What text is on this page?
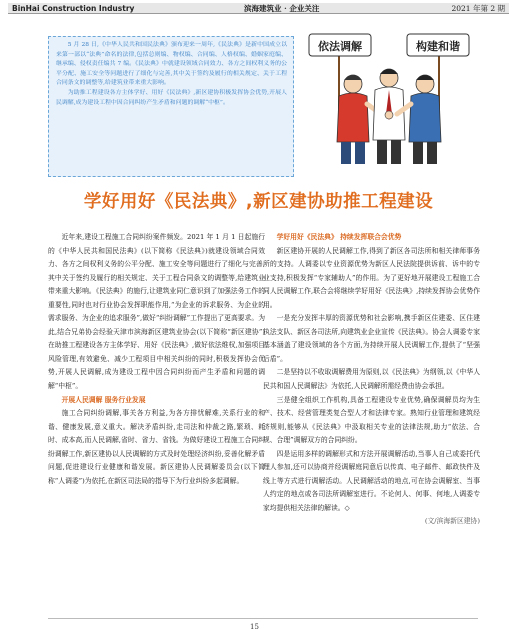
BinHai Construction Industry	滨海建筑业 · 企业关注	2021 年第 2 期

5 月 28 日,《中华人民共和国民法典》颁布迎来一周年,《民法典》是新中国成立以来第一部以“法典”命名的法律,包括总则编、物权编、合同编、人格权编、婚姻家庭编、继承编、侵权责任编共 7 编。《民法典》中就建设领域合同效力、各方之间权利义务的公平分配、施工安全等问题进行了细化与完善,其中关于签约及履行的相关规定、关于工程合同条文的调整等,给建筑业带来重大影响。

为助推工程建设各方主体学好、用好《民法典》,新区建协积极发挥协会优势,开展人民调解,成为建设工程中因合同纠纷产生矛盾和问题的调解“中枢”。

依法调解	构建和谐
学好用好《民法典》,新区建协助推工程建设

近年来,建设工程施工合同纠纷案件频发。2021 年 1 月 1 日起施行的《中华人民共和国民法典》(以下简称《民法典》)就建设领域合同效力、各方之间权利义务的公平分配、施工安全等问题进行了细化与完善,其中关于签约及履行的相关规定、关于工程合同条文的调整等,给建筑业带来重大影响。《民法典》的施行,让建筑业同仁意识到了加强法务工作的重要性,同时也对行业协会发挥职能作用,“为企业的诉求服务、为企业的需求服务、为企业的追求服务”,做好“纠纷调解”工作提出了更高要求。为此,结合兄弟协会经验天津市滨海新区建筑业协会(以下简称“新区建协”)在助推工程建设各方主体学好、用好《民法典》,做好依法维权,加强项目风险管理,有效避免、减少工程项目中相关纠纷的同时,积极发挥协会优势,开展人民调解,成为建设工程中因合同纠纷而产生矛盾和问题的调解“中枢”。

开展人民调解 服务行业发展

施工合同纠纷调解,事关各方利益,为各方排忧解难,关系行业的和谐、健康发展,意义重大。解决矛盾纠纷,走司法和仲裁之路,繁琐、耗时、成本高,而人民调解,省时、省力、省钱。为做好建设工程施工合同纠纷调解工作,新区建协以人民调解的方式及时处理经济纠纷,妥善化解矛盾问题,促进建设行业健康和谐发展。新区建协人民调解委员会(以下简称“人调委”)为依托,在新区司法局的指导下为行业纠纷多起调解。

学好用好《民法典》 持续发挥联合会优势

新区建协开展的人民调解工作,得到了新区各司法所和相关律师事务所的支持。人调委以专业资源优势为新区人民法院提供诉前、诉中的专业支持,积极发挥“专家辅助人”的作用。为了更好地开展建设工程施工合同人民调解工作,联合会将继续学好用好《民法典》,持续发挥协会优势作用。

一是充分发挥丰厚的资源优势和社会影响,携手新区住建委、区住建执法支队、新区各司法所,向建筑业企业宣传《民法典》。协会人调委专家基本涵盖了建设领域的各个方面,为持续开展人民调解工作,提供了“坚强后盾”。

二是坚持以不收取调解费用为原则,以《民法典》为纲领,以《中华人民共和国人民调解法》为依托,人民调解所需经费由协会承担。

三是健全组织工作机构,具备工程建设专业优势,确保调解员均为生产、技术、经营管理类复合型人才和法律专家。熟知行业管理和建筑经济规则,能够从《民法典》中汲取相关专业的法律法规,助力“依法、合规、合理”调解双方的合同纠纷。

四是运用多样的调解形式和方法开展调解活动,当事人自己或委托代理人参加,还可以协商并经调解庭同意后以传真、电子邮件、邮政快件及线上等方式进行调解活动。人民调解活动的地点,可在协会调解室、当事人约定的地点或各司法所调解室进行。不论何人、何事、何地,人调委专家均提供相关法律的解读。◇

(文/滨海新区建协)

15
